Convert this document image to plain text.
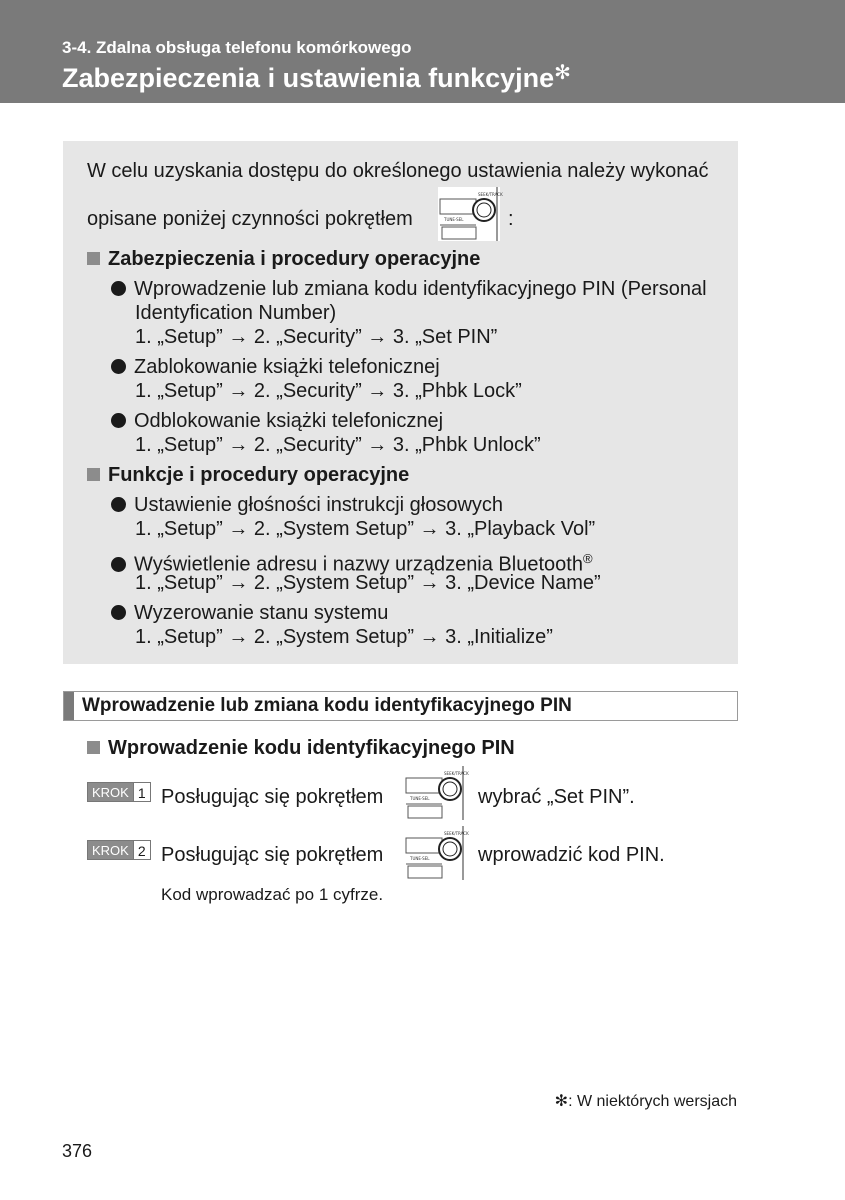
3-4. Zdalna obsługa telefonu komórkowego
Zabezpieczenia i ustawienia funkcyjne✻
W celu uzyskania dostępu do określonego ustawienia należy wykonać
opisane poniżej czynności pokrętłem
SEEK/TRACK
TUNE·SEL :
Zabezpieczenia i procedury operacyjne
Wprowadzenie lub zmiana kodu identyfikacyjnego PIN (Personal
Identyfication Number)
1. „Setup” → 2. „Security” → 3. „Set PIN”
Zablokowanie książki telefonicznej
1. „Setup” → 2. „Security” → 3. „Phbk Lock”
Odblokowanie książki telefonicznej
1. „Setup” → 2. „Security” → 3. „Phbk Unlock”
Funkcje i procedury operacyjne
Ustawienie głośności instrukcji głosowych
1. „Setup” → 2. „System Setup” → 3. „Playback Vol”
Wyświetlenie adresu i nazwy urządzenia Bluetooth®
1. „Setup” → 2. „System Setup” → 3. „Device Name”
Wyzerowanie stanu systemu
1. „Setup” → 2. „System Setup” → 3. „Initialize”
Wprowadzenie lub zmiana kodu identyfikacyjnego PIN
Wprowadzenie kodu identyfikacyjnego PIN
KROK 1 Posługując się pokrętłem
SEEK/TRACK
TUNE·SEL wybrać „Set PIN”.
KROK 2 Posługując się pokrętłem
SEEK/TRACK
TUNE·SEL wprowadzić kod PIN.
Kod wprowadzać po 1 cyfrze.
✻: W niektórych wersjach
376
